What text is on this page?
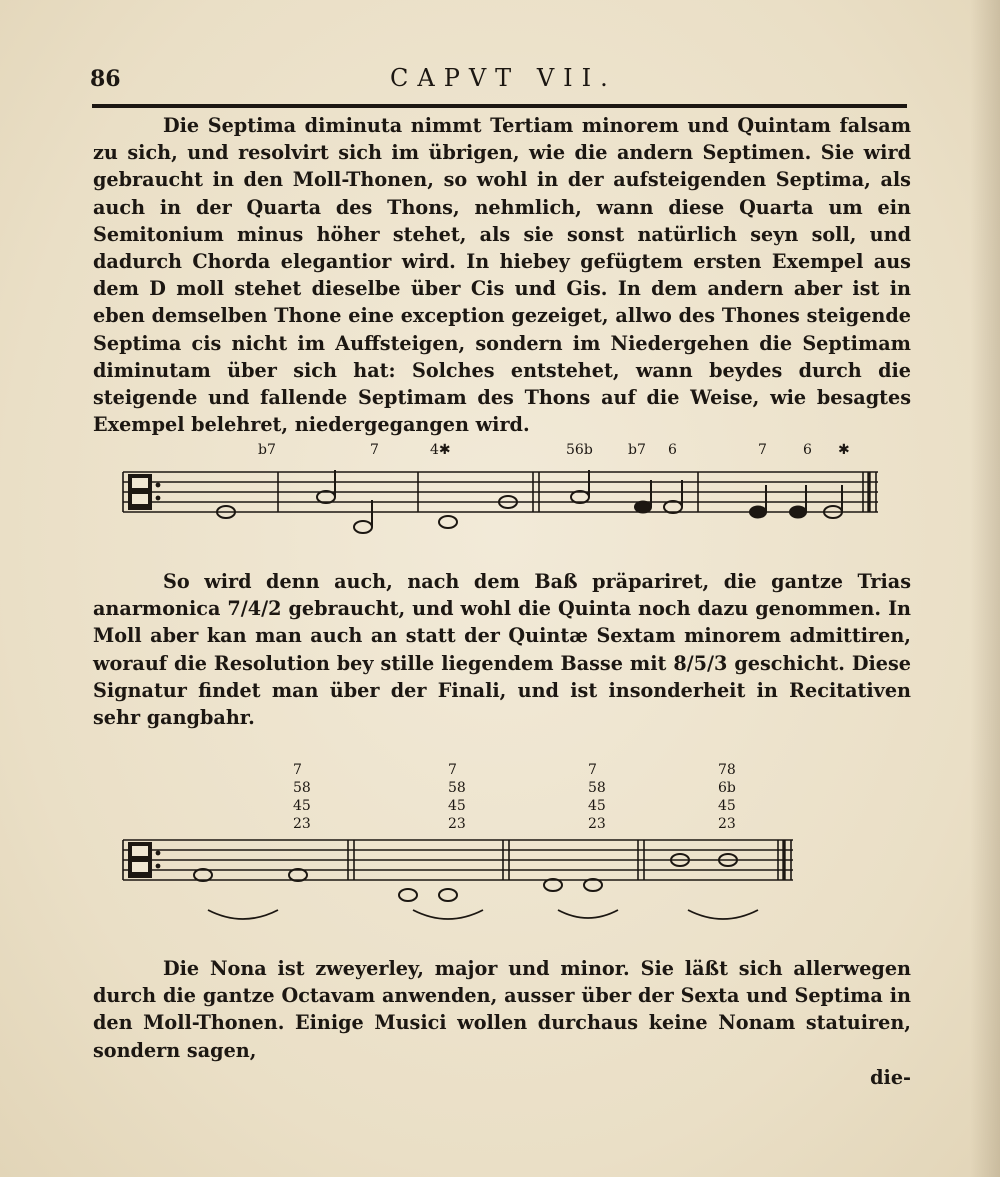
86	CAPVT VII.

Die Septima diminuta nimmt Tertiam minorem und Quintam falsam zu sich, und resolvirt sich im übrigen, wie die andern Septimen. Sie wird gebraucht in den Moll-Thonen, so wohl in der aufsteigenden Septima, als auch in der Quarta des Thons, nehmlich, wann diese Quarta um ein Semitonium minus höher stehet, als sie sonst natürlich seyn soll, und dadurch Chorda elegantior wird. In hiebey gefügtem ersten Exempel aus dem D moll stehet dieselbe über Cis und Gis. In dem andern aber ist in eben demselben Thone eine exception gezeiget, allwo des Thones steigende Septima cis nicht im Auffsteigen, sondern im Niedergehen die Septimam diminutam über sich hat: Solches entstehet, wann beydes durch die steigende und fallende Septimam des Thons auf die Weise, wie besagtes Exempel belehret, niedergegangen wird.

b7	7	4✱	56b	b7 6	7	6 ✱

So wird denn auch, nach dem Baß präpariret, die gantze Trias anarmonica 7/4/2 gebraucht, und wohl die Quinta noch dazu genommen. In Moll aber kan man auch an statt der Quintæ Sextam minorem admittiren, worauf die Resolution bey stille liegendem Basse mit 8/5/3 geschicht. Diese Signatur findet man über der Finali, und ist insonderheit in Recitativen sehr gangbahr.

7
58
45
23
7
58
45
23
7
58
45
23
78
6b
45
23

Die Nona ist zweyerley, major und minor. Sie läßt sich allerwegen durch die gantze Octavam anwenden, ausser über der Sexta und Septima in den Moll-Thonen. Einige Musici wollen durchaus keine Nonam statuiren, sondern sagen,

die-
